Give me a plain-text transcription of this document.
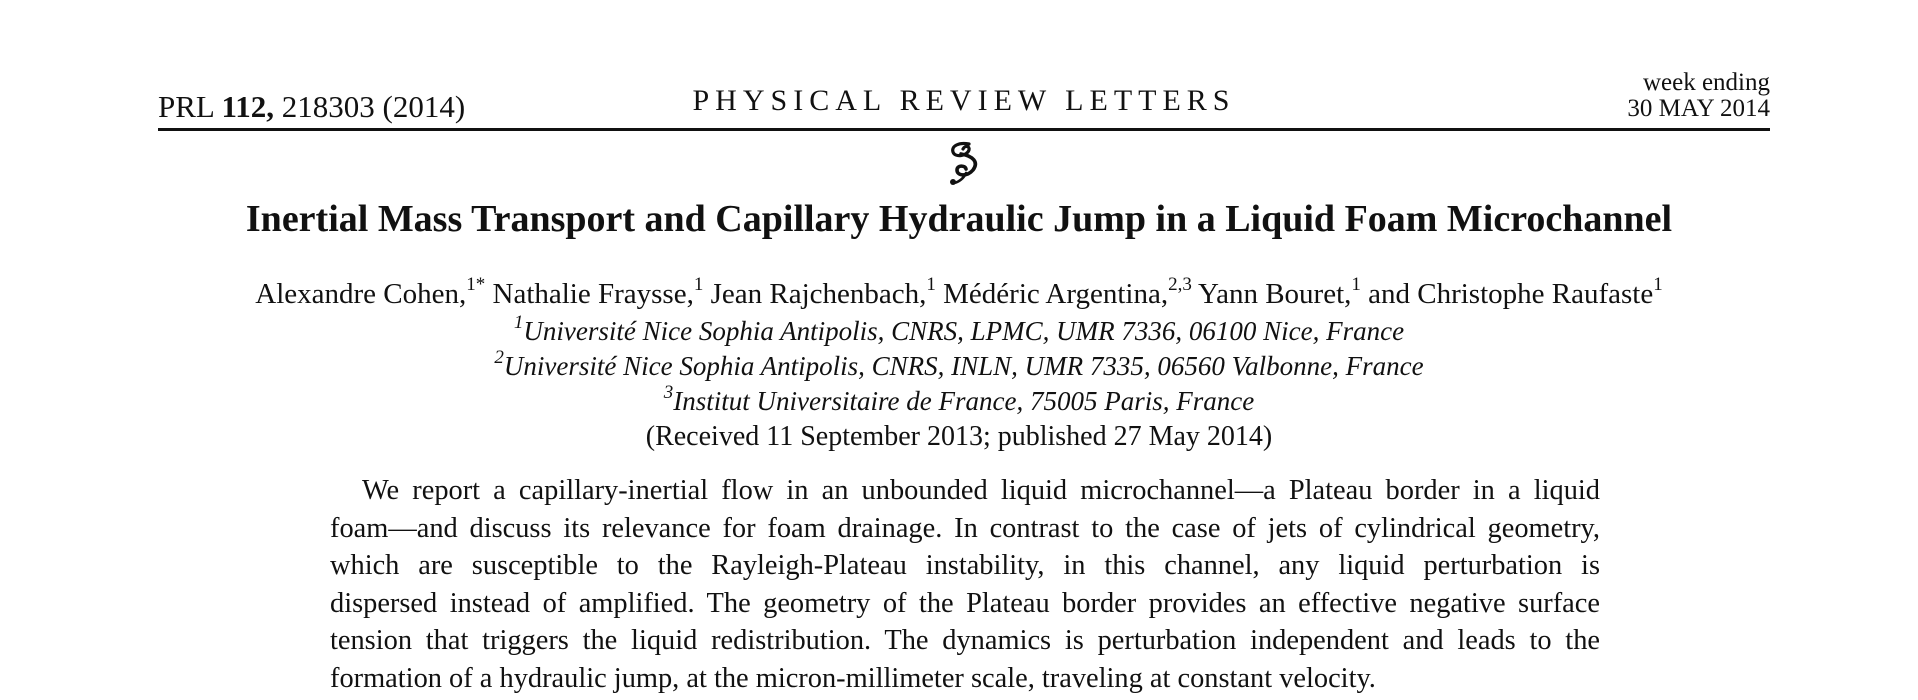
PRL 112, 218303 (2014)	PHYSICAL REVIEW LETTERS
week ending
30 MAY 2014
Inertial Mass Transport and Capillary Hydraulic Jump in a Liquid Foam Microchannel
Alexandre Cohen,$^{1*}$ Nathalie Fraysse,$^1$ Jean Rajchenbach,$^1$ Médéric Argentina,$^{2,3}$ Yann Bouret,$^1$ and Christophe Raufaste$^1$
$^1$Université Nice Sophia Antipolis, CNRS, LPMC, UMR 7336, 06100 Nice, France
$^2$Université Nice Sophia Antipolis, CNRS, INLN, UMR 7335, 06560 Valbonne, France
$^3$Institut Universitaire de France, 75005 Paris, France
(Received 11 September 2013; published 27 May 2014)
We report a capillary-inertial flow in an unbounded liquid microchannel—a Plateau border in a liquid
foam—and discuss its relevance for foam drainage. In contrast to the case of jets of cylindrical geometry,
which are susceptible to the Rayleigh-Plateau instability, in this channel, any liquid perturbation is
dispersed instead of amplified. The geometry of the Plateau border provides an effective negative surface
tension that triggers the liquid redistribution. The dynamics is perturbation independent and leads to the
formation of a hydraulic jump, at the micron-millimeter scale, traveling at constant velocity.
